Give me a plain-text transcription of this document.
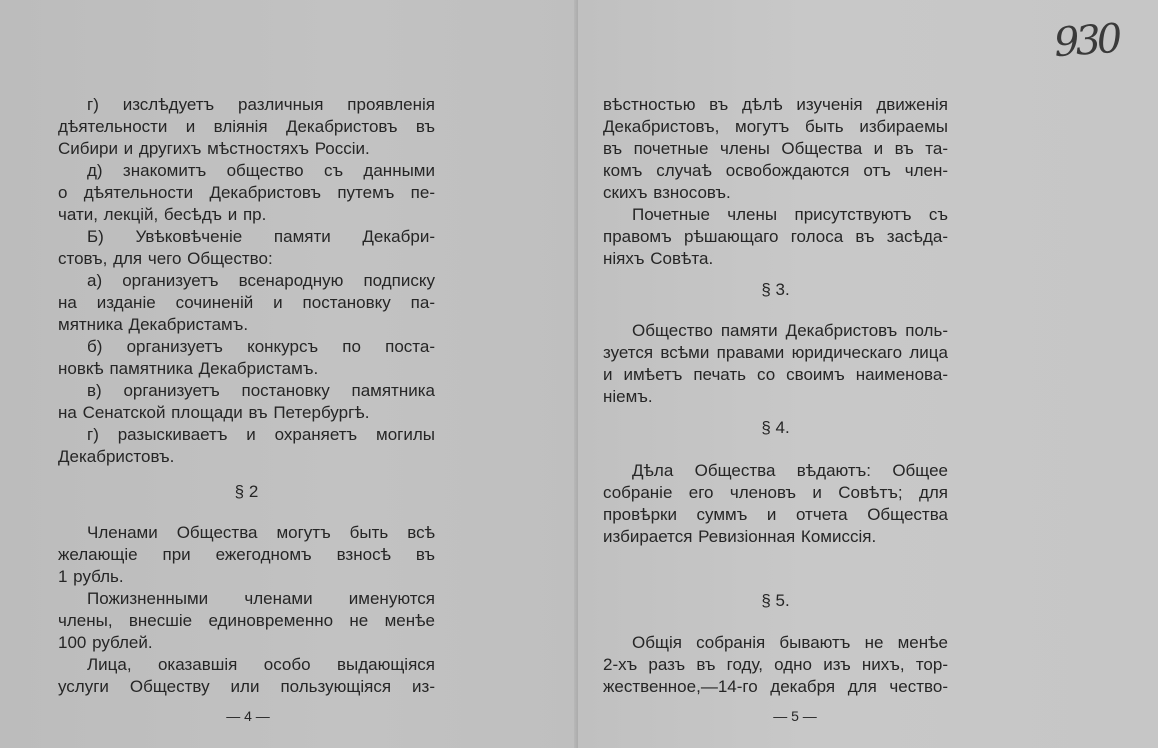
г) изслѣдуетъ различныя проявленія
дѣятельности и вліянія Декабристовъ въ
Сибири и другихъ мѣстностяхъ Россіи.
д) знакомитъ общество съ данными
о дѣятельности Декабристовъ путемъ пе-
чати, лекцій, бесѣдъ и пр.
Б) Увѣковѣченіе памяти Декабри-
стовъ, для чего Общество:
а) организуетъ всенародную подписку
на изданіе сочиненій и постановку па-
мятника Декабристамъ.
б) организуетъ конкурсъ по поста-
новкѣ памятника Декабристамъ.
в) организуетъ постановку памятника
на Сенатской площади въ Петербургѣ.
г) разыскиваетъ и охраняетъ могилы
Декабристовъ.
§ 2
Членами Общества могутъ быть всѣ
желающіе при ежегодномъ взносѣ въ
1 рубль.
Пожизненными членами именуются
члены, внесшіе единовременно не менѣе
100 рублей.
Лица, оказавшія особо выдающіяся
услуги Обществу или пользующіяся из-
— 4 —
930
вѣстностью въ дѣлѣ изученія движенія
Декабристовъ, могутъ быть избираемы
въ почетные члены Общества и въ та-
комъ случаѣ освобождаются отъ член-
скихъ взносовъ.
Почетные члены присутствуютъ съ
правомъ рѣшающаго голоса въ засѣда-
ніяхъ Совѣта.
§ 3.
Общество памяти Декабристовъ поль-
зуется всѣми правами юридическаго лица
и имѣетъ печать со своимъ наименова-
ніемъ.
§ 4.
Дѣла Общества вѣдаютъ: Общее
собраніе его членовъ и Совѣтъ; для
провѣрки суммъ и отчета Общества
избирается Ревизіонная Комиссія.
§ 5.
Общія собранія бываютъ не менѣе
2-хъ разъ въ году, одно изъ нихъ, тор-
жественное,—14-го декабря для чество-
— 5 —
